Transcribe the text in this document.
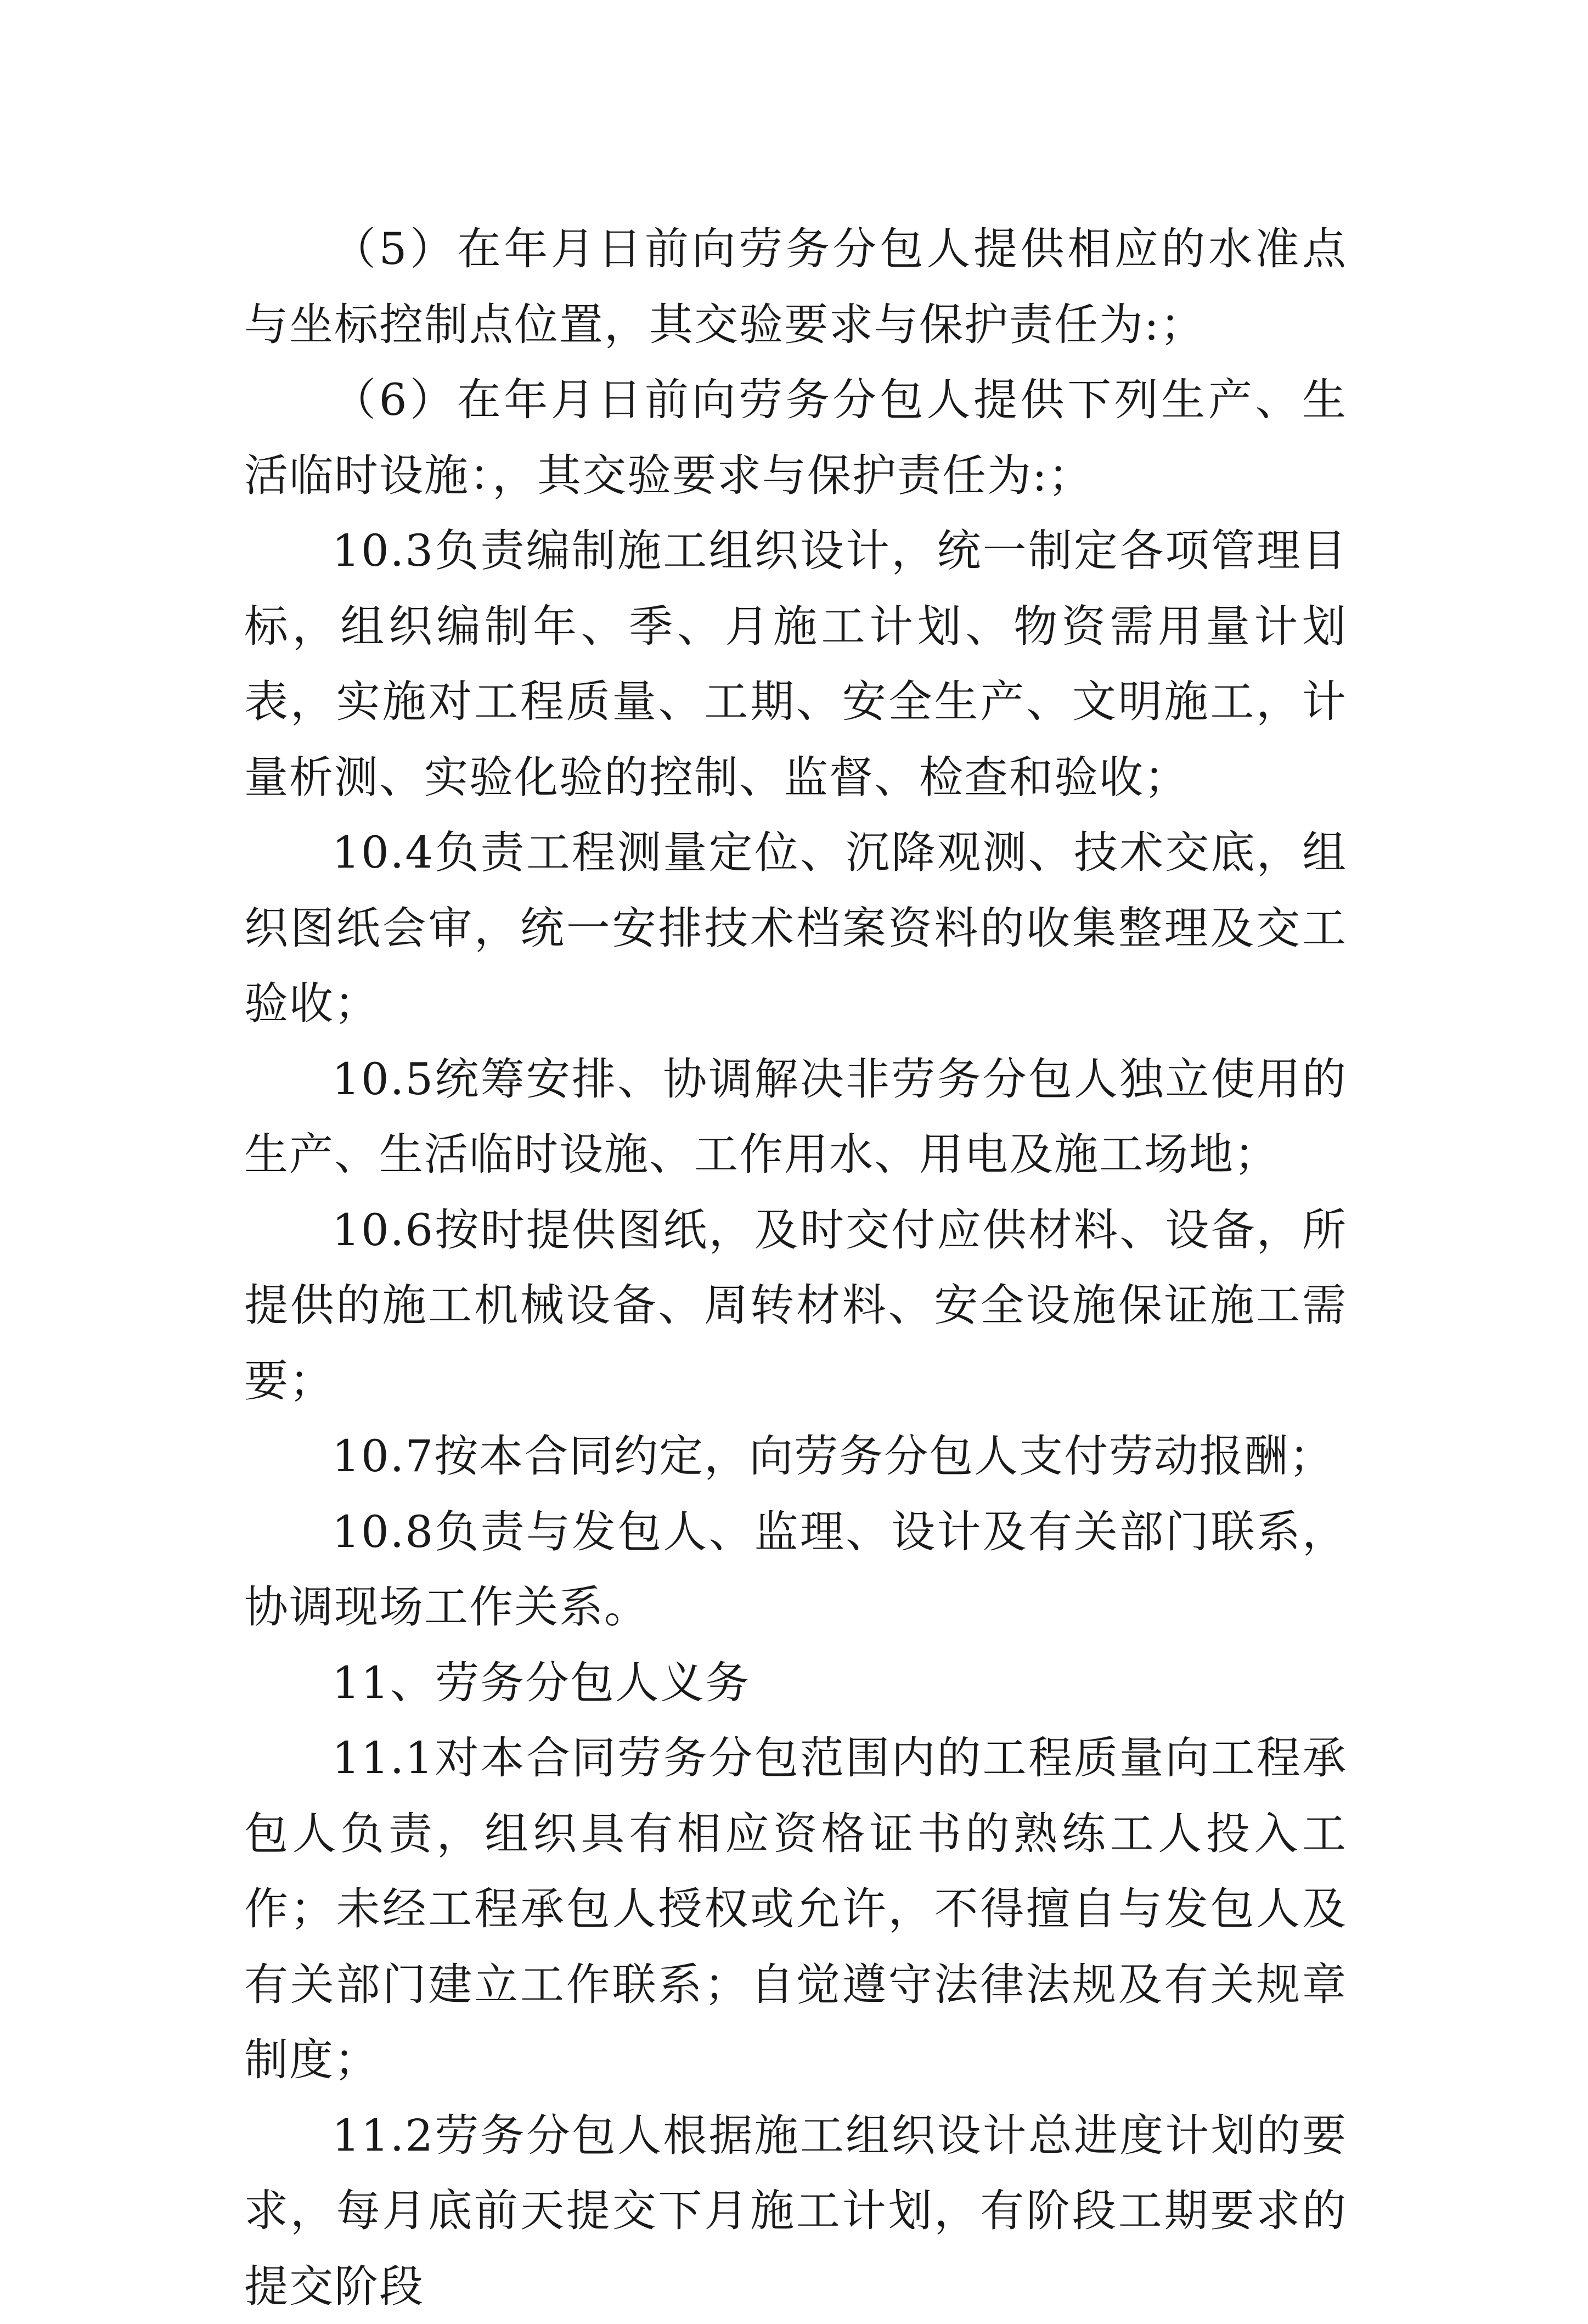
（5）在年月日前向劳务分包人提供相应的水准点与坐标控制点位置，其交验要求与保护责任为:；

（6）在年月日前向劳务分包人提供下列生产、生活临时设施：，其交验要求与保护责任为:；

10.3负责编制施工组织设计，统一制定各项管理目标，组织编制年、季、月施工计划、物资需用量计划表，实施对工程质量、工期、安全生产、文明施工，计量析测、实验化验的控制、监督、检查和验收；

10.4负责工程测量定位、沉降观测、技术交底，组织图纸会审，统一安排技术档案资料的收集整理及交工验收；

10.5统筹安排、协调解决非劳务分包人独立使用的生产、生活临时设施、工作用水、用电及施工场地；

10.6按时提供图纸，及时交付应供材料、设备，所提供的施工机械设备、周转材料、安全设施保证施工需要；

10.7按本合同约定，向劳务分包人支付劳动报酬；

10.8负责与发包人、监理、设计及有关部门联系，协调现场工作关系。

11、劳务分包人义务

11.1对本合同劳务分包范围内的工程质量向工程承包人负责，组织具有相应资格证书的熟练工人投入工作；未经工程承包人授权或允许，不得擅自与发包人及有关部门建立工作联系；自觉遵守法律法规及有关规章制度；

11.2劳务分包人根据施工组织设计总进度计划的要求，每月底前天提交下月施工计划，有阶段工期要求的提交阶段
